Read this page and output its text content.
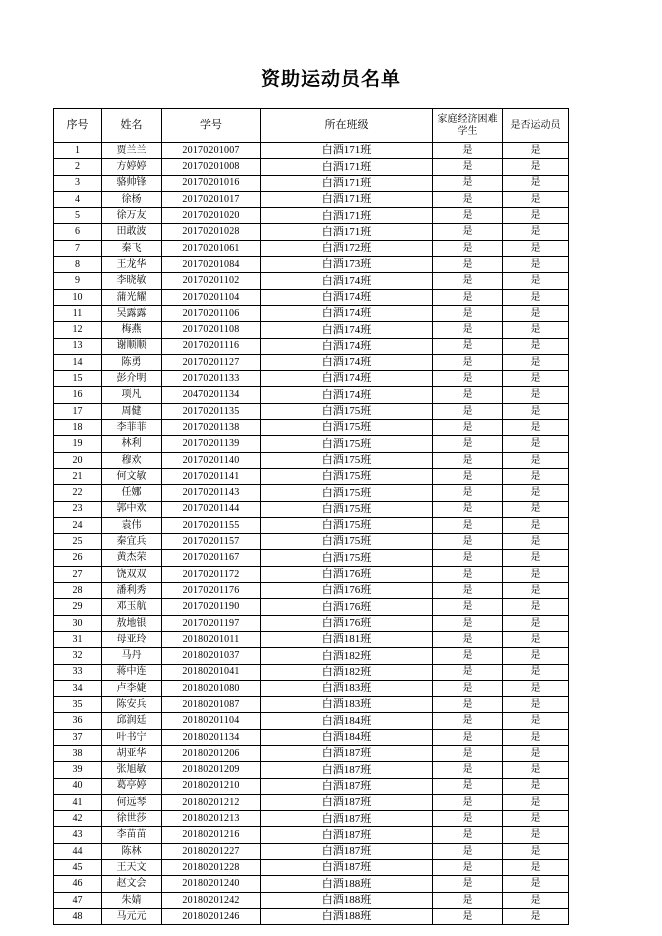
资助运动员名单
序号	姓名	学号	所在班级	家庭经济困难学生	是否运动员
1	贾兰兰	20170201007	白酒171班	是	是
2	方婷婷	20170201008	白酒171班	是	是
3	骆帅锋	20170201016	白酒171班	是	是
4	徐杨	20170201017	白酒171班	是	是
5	徐万友	20170201020	白酒171班	是	是
6	田敢波	20170201028	白酒171班	是	是
7	秦飞	20170201061	白酒172班	是	是
8	王龙华	20170201084	白酒173班	是	是
9	李晓敏	20170201102	白酒174班	是	是
10	蒲光耀	20170201104	白酒174班	是	是
11	吴露露	20170201106	白酒174班	是	是
12	梅燕	20170201108	白酒174班	是	是
13	谢顺顺	20170201116	白酒174班	是	是
14	陈勇	20170201127	白酒174班	是	是
15	彭介明	20170201133	白酒174班	是	是
16	项凡	20470201134	白酒174班	是	是
17	周健	20170201135	白酒175班	是	是
18	李菲菲	20170201138	白酒175班	是	是
19	林利	20170201139	白酒175班	是	是
20	穆欢	20170201140	白酒175班	是	是
21	何文敏	20170201141	白酒175班	是	是
22	任娜	20170201143	白酒175班	是	是
23	郭中欢	20170201144	白酒175班	是	是
24	袁伟	20170201155	白酒175班	是	是
25	秦宜兵	20170201157	白酒175班	是	是
26	黄杰荣	20170201167	白酒175班	是	是
27	饶双双	20170201172	白酒176班	是	是
28	潘利秀	20170201176	白酒176班	是	是
29	邓玉航	20170201190	白酒176班	是	是
30	敖地银	20170201197	白酒176班	是	是
31	母亚玲	20180201011	白酒181班	是	是
32	马丹	20180201037	白酒182班	是	是
33	蒋中连	20180201041	白酒182班	是	是
34	卢李婕	20180201080	白酒183班	是	是
35	陈安兵	20180201087	白酒183班	是	是
36	邱润廷	20180201104	白酒184班	是	是
37	叶书宁	20180201134	白酒184班	是	是
38	胡亚华	20180201206	白酒187班	是	是
39	张旭敏	20180201209	白酒187班	是	是
40	葛亭婷	20180201210	白酒187班	是	是
41	何远琴	20180201212	白酒187班	是	是
42	徐世莎	20180201213	白酒187班	是	是
43	李苗苗	20180201216	白酒187班	是	是
44	陈林	20180201227	白酒187班	是	是
45	王天文	20180201228	白酒187班	是	是
46	赵文会	20180201240	白酒188班	是	是
47	朱婧	20180201242	白酒188班	是	是
48	马元元	20180201246	白酒188班	是	是
